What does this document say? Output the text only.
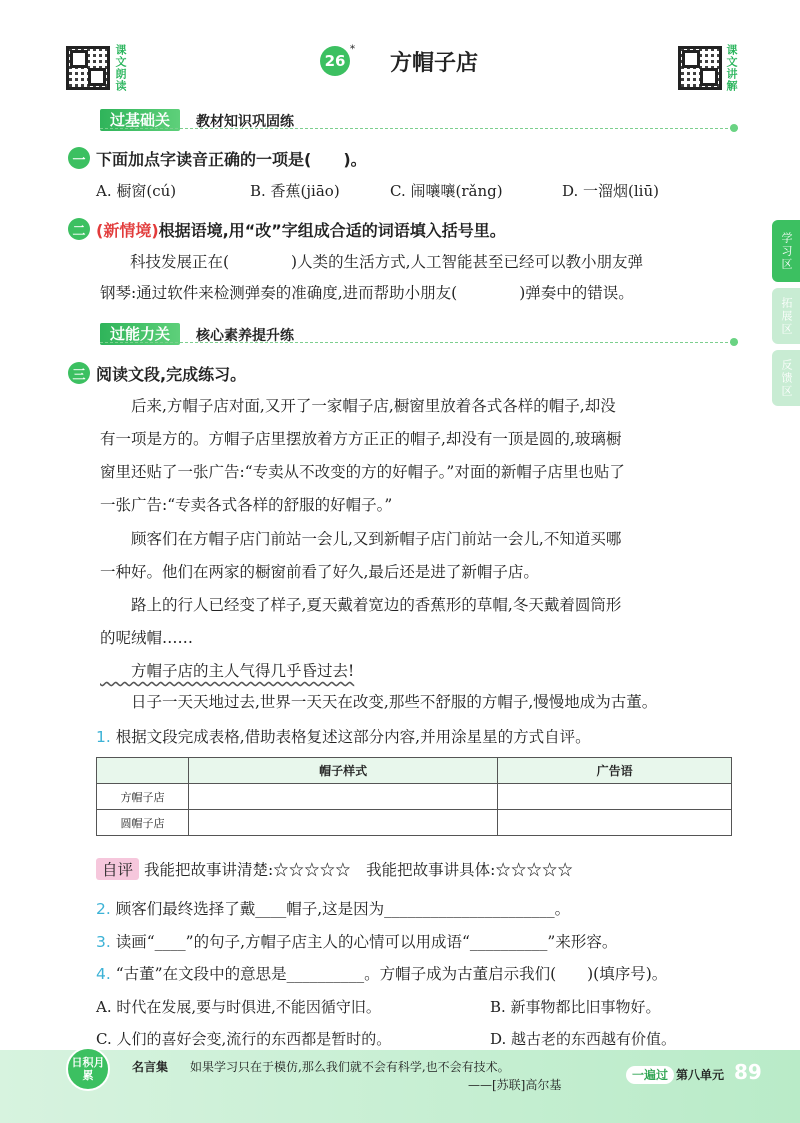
课文朗读	26
*
方帽子店	课文讲解
过基础关	教材知识巩固练
一 下面加点字读音正确的一项是(　　)。
A. 橱窗(cú)	B. 香蕉(jiāo)	C. 闹嚷嚷(rǎng)	D. 一溜烟(liū)
二 (新情境)根据语境,用“改”字组成合适的词语填入括号里。
科技发展正在(　　　　)人类的生活方式,人工智能甚至已经可以教小朋友弹
钢琴:通过软件来检测弹奏的准确度,进而帮助小朋友(　　　　)弹奏中的错误。
过能力关	核心素养提升练
三 阅读文段,完成练习。
　　后来,方帽子店对面,又开了一家帽子店,橱窗里放着各式各样的帽子,却没
有一项是方的。方帽子店里摆放着方方正正的帽子,却没有一顶是圆的,玻璃橱
窗里还贴了一张广告:“专卖从不改变的方的好帽子。”对面的新帽子店里也贴了
一张广告:“专卖各式各样的舒服的好帽子。”
　　顾客们在方帽子店门前站一会儿,又到新帽子店门前站一会儿,不知道买哪
一种好。他们在两家的橱窗前看了好久,最后还是进了新帽子店。
　　路上的行人已经变了样子,夏天戴着宽边的香蕉形的草帽,冬天戴着圆筒形
的呢绒帽……
　　方帽子店的主人气得几乎昏过去!
　　日子一天天地过去,世界一天天在改变,那些不舒服的方帽子,慢慢地成为古董。
1. 根据文段完成表格,借助表格复述这部分内容,并用涂星星的方式自评。
	帽子样式	广告语
方帽子店		
圆帽子店		
自评 我能把故事讲清楚:☆☆☆☆☆　我能把故事讲具体:☆☆☆☆☆
2. 顾客们最终选择了戴____帽子,这是因为______________________。
3. 读画“____”的句子,方帽子店主人的心情可以用成语“__________”来形容。
4. “古董”在文段中的意思是__________。方帽子成为古董启示我们(　　)(填序号)。
A. 时代在发展,要与时俱进,不能因循守旧。	B. 新事物都比旧事物好。
C. 人们的喜好会变,流行的东西都是暂时的。	D. 越古老的东西越有价值。
学习区
拓展区
反馈区
日积月累
名言集 如果学习只在于模仿,那么我们就不会有科学,也不会有技术。
——[苏联]高尔基
一遍过 第八单元 89
